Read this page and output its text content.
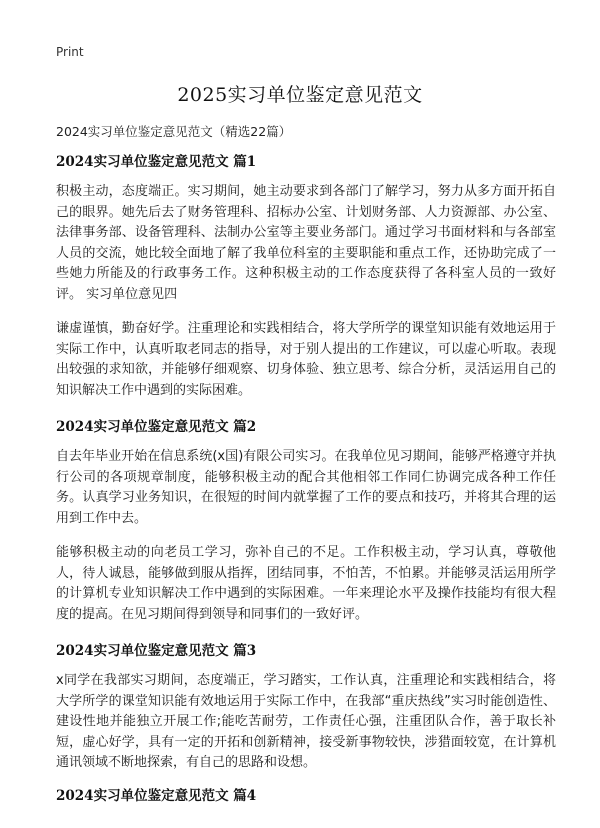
Print
2025实习单位鉴定意见范文
2024实习单位鉴定意见范文（精选22篇）
2024实习单位鉴定意见范文 篇1

积极主动，态度端正。实习期间，她主动要求到各部门了解学习，努力从多方面开拓自己的眼界。她先后去了财务管理科、招标办公室、计划财务部、人力资源部、办公室、法律事务部、设备管理科、法制办公室等主要业务部门。通过学习书面材料和与各部室人员的交流，她比较全面地了解了我单位科室的主要职能和重点工作，还协助完成了一些她力所能及的行政事务工作。这种积极主动的工作态度获得了各科室人员的一致好评。 实习单位意见四

谦虚谨慎，勤奋好学。注重理论和实践相结合，将大学所学的课堂知识能有效地运用于实际工作中，认真听取老同志的指导，对于别人提出的工作建议，可以虚心听取。表现出较强的求知欲，并能够仔细观察、切身体验、独立思考、综合分析，灵活运用自己的知识解决工作中遇到的实际困难。

2024实习单位鉴定意见范文 篇2

自去年毕业开始在信息系统(x国)有限公司实习。在我单位见习期间，能够严格遵守并执行公司的各项规章制度，能够积极主动的配合其他相邻工作同仁协调完成各种工作任务。认真学习业务知识，在很短的时间内就掌握了工作的要点和技巧，并将其合理的运用到工作中去。

能够积极主动的向老员工学习，弥补自己的不足。工作积极主动，学习认真，尊敬他人，待人诚恳，能够做到服从指挥，团结同事，不怕苦，不怕累。并能够灵活运用所学的计算机专业知识解决工作中遇到的实际困难。一年来理论水平及操作技能均有很大程度的提高。在见习期间得到领导和同事们的一致好评。

2024实习单位鉴定意见范文 篇3

x同学在我部实习期间，态度端正，学习踏实，工作认真，注重理论和实践相结合，将大学所学的课堂知识能有效地运用于实际工作中，在我部“重庆热线”实习时能创造性、建设性地并能独立开展工作;能吃苦耐劳，工作责任心强，注重团队合作，善于取长补短，虚心好学，具有一定的开拓和创新精神，接受新事物较快，涉猎面较宽，在计算机通讯领域不断地探索，有自己的思路和设想。

2024实习单位鉴定意见范文 篇4
